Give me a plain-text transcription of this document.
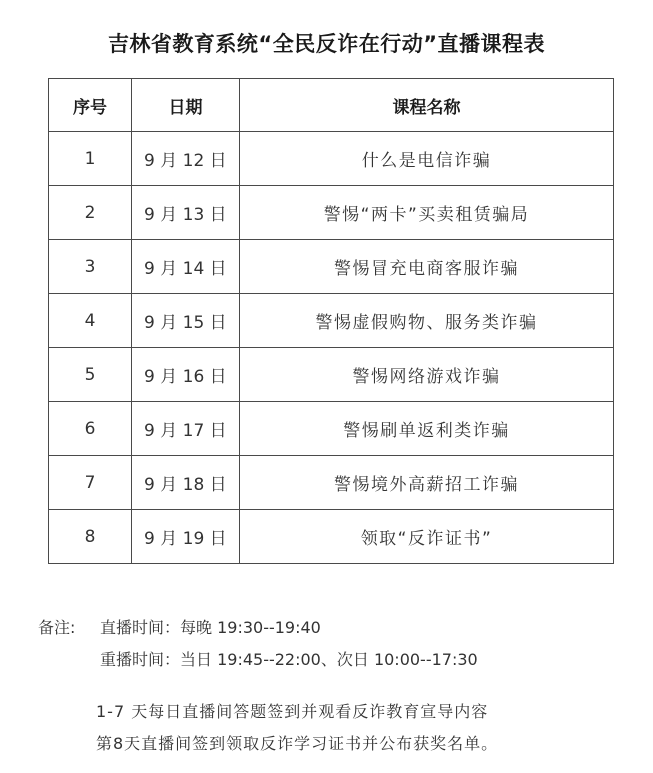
吉林省教育系统“全民反诈在行动”直播课程表
序号	日期	课程名称
1	9 月 12 日	什么是电信诈骗
2	9 月 13 日	警惕“两卡”买卖租赁骗局
3	9 月 14 日	警惕冒充电商客服诈骗
4	9 月 15 日	警惕虚假购物、服务类诈骗
5	9 月 16 日	警惕网络游戏诈骗
6	9 月 17 日	警惕刷单返利类诈骗
7	9 月 18 日	警惕境外高薪招工诈骗
8	9 月 19 日	领取“反诈证书”
备注: 直播时间：每晚 19:30--19:40
重播时间：当日 19:45--22:00、次日 10:00--17:30
1-7 天每日直播间答题签到并观看反诈教育宣导内容
第8天直播间签到领取反诈学习证书并公布获奖名单。
